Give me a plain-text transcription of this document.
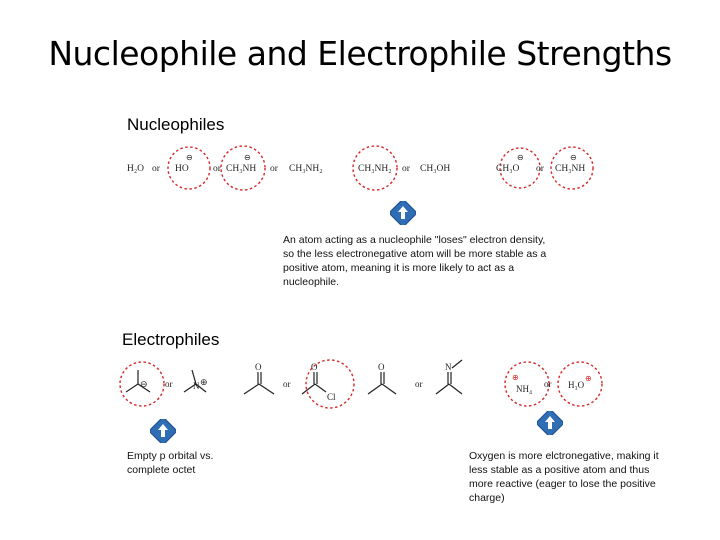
Nucleophile and Electrophile Strengths
Nucleophiles
Electrophiles
H₂O or HO
⊖
or CH₃NH
⊖
or CH₃NH₂	CH₃NH₂ or CH₃OH	CH₃O
⊖
or CH₃NH
⊖
⊖ or N ⊕
O
or
O
Cl
O
or
N
⊕
NH₄ or H₃O
⊕
An atom acting as a nucleophile "loses" electron density, so the less electronegative atom will be more stable as a positive atom, meaning it is more likely to act as a nucleophile.
Empty p orbital vs. complete octet
Oxygen is more elctronegative, making it less stable as a positive atom and thus more reactive (eager to lose the positive charge)
